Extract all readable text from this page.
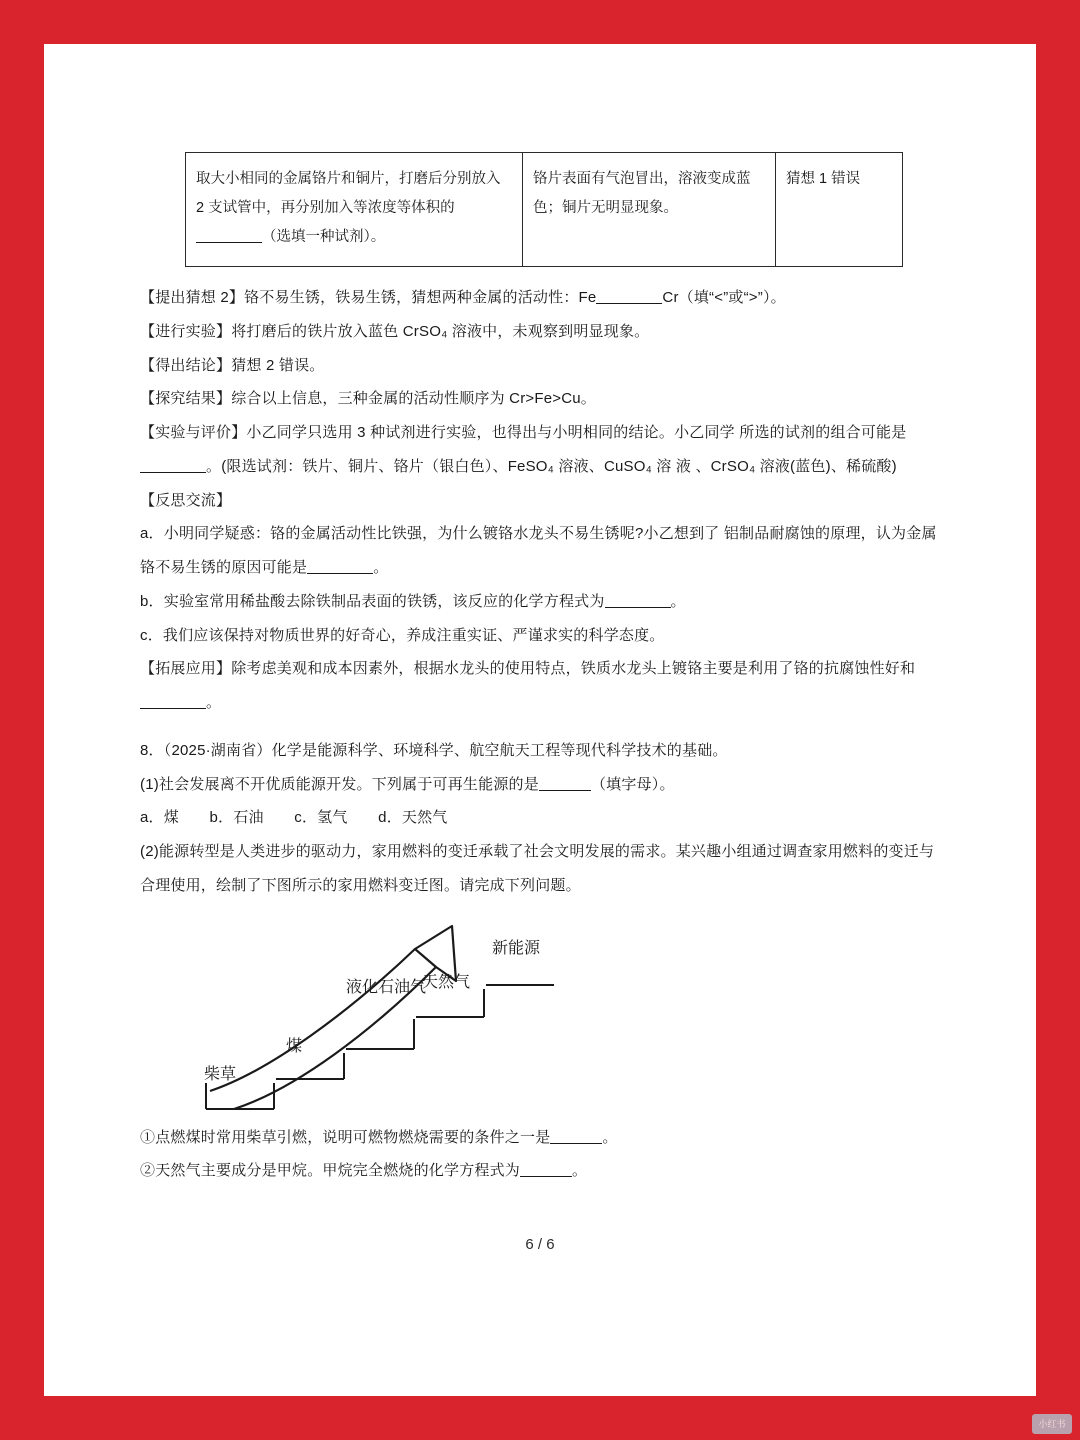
取大小相同的金属铬片和铜片，打磨后分别放入 2 支试管中，再分别加入等浓度等体积的（选填一种试剂）。	铬片表面有气泡冒出，溶液变成蓝色；铜片无明显现象。	猜想 1 错误

【提出猜想 2】铬不易生锈，铁易生锈，猜想两种金属的活动性：Fe	Cr（填“<”或“>”）。

【进行实验】将打磨后的铁片放入蓝色 CrSO₄ 溶液中，未观察到明显现象。

【得出结论】猜想 2 错误。

【探究结果】综合以上信息，三种金属的活动性顺序为 Cr>Fe>Cu。

【实验与评价】小乙同学只选用 3 种试剂进行实验，也得出与小明相同的结论。小乙同学 所选的试剂的组合可能是。(限选试剂：铁片、铜片、铬片（银白色）、FeSO₄ 溶液、CuSO₄ 溶 液 、CrSO₄ 溶液(蓝色)、稀硫酸)

【反思交流】

a．小明同学疑惑：铬的金属活动性比铁强，为什么镀铬水龙头不易生锈呢?小乙想到了 铝制品耐腐蚀的原理，认为金属铬不易生锈的原因可能是	。

b．实验室常用稀盐酸去除铁制品表面的铁锈，该反应的化学方程式为	。

c．我们应该保持对物质世界的好奇心，养成注重实证、严谨求实的科学态度。

【拓展应用】除考虑美观和成本因素外，根据水龙头的使用特点，铁质水龙头上镀铬主要是利用了铬的抗腐蚀性好和。

8．（2025·湖南省）化学是能源科学、环境科学、航空航天工程等现代科学技术的基础。

(1)社会发展离不开优质能源开发。下列属于可再生能源的是	（填字母）。

a．煤 b．石油 c．氢气 d．天然气

(2)能源转型是人类进步的驱动力，家用燃料的变迁承载了社会文明发展的需求。某兴趣小组通过调查家用燃料的变迁与合理使用，绘制了下图所示的家用燃料变迁图。请完成下列问题。

柴草
煤
液化石油气
天然气
新能源

①点燃煤时常用柴草引燃，说明可燃物燃烧需要的条件之一是	。

②天然气主要成分是甲烷。甲烷完全燃烧的化学方程式为	。

6 / 6
小红书
